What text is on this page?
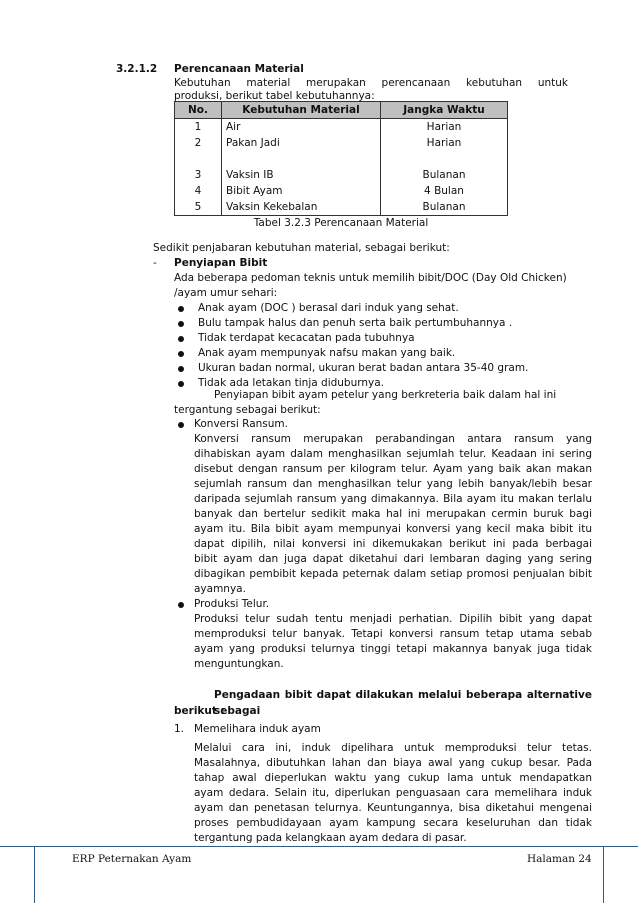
3.2.1.2 Perencanaan Material
Kebutuhan material merupakan perencanaan kebutuhan untuk
produksi, berikut tabel kebutuhannya:
No.	Kebutuhan Material	Jangka Waktu
1	Air	Harian
2	Pakan Jadi	Harian

3	Vaksin IB	Bulanan
4	Bibit Ayam	4 Bulan
5	Vaksin Kekebalan	Bulanan
Tabel 3.2.3 Perencanaan Material
Sedikit penjabaran kebutuhan material, sebagai berikut:
- Penyiapan Bibit
Ada beberapa pedoman teknis untuk memilih bibit/DOC (Day Old Chicken)
/ayam umur sehari:
Anak ayam (DOC ) berasal dari induk yang sehat.
Bulu tampak halus dan penuh serta baik pertumbuhannya .
Tidak terdapat kecacatan pada tubuhnya
Anak ayam mempunyak nafsu makan yang baik.
Ukuran badan normal, ukuran berat badan antara 35-40 gram.
Tidak ada letakan tinja diduburnya.
Penyiapan bibit ayam petelur yang berkreteria baik dalam hal ini
tergantung sebagai berikut:
Konversi Ransum.
Konversi ransum merupakan perabandingan antara ransum yang
dihabiskan ayam dalam menghasilkan sejumlah telur. Keadaan ini sering
disebut dengan ransum per kilogram telur. Ayam yang baik akan makan
sejumlah ransum dan menghasilkan telur yang lebih banyak/lebih besar
daripada sejumlah ransum yang dimakannya. Bila ayam itu makan terlalu
banyak dan bertelur sedikit maka hal ini merupakan cermin buruk bagi
ayam itu. Bila bibit ayam mempunyai konversi yang kecil maka bibit itu
dapat dipilih, nilai konversi ini dikemukakan berikut ini pada berbagai
bibit ayam dan juga dapat diketahui dari lembaran daging yang sering
dibagikan pembibit kepada peternak dalam setiap promosi penjualan bibit
ayamnya.
Produksi Telur.
Produksi telur sudah tentu menjadi perhatian. Dipilih bibit yang dapat
memproduksi telur banyak. Tetapi konversi ransum tetap utama sebab
ayam yang produksi telurnya tinggi tetapi makannya banyak juga tidak
menguntungkan.
Pengadaan bibit dapat dilakukan melalui beberapa alternative sebagai
berikut :
1. Memelihara induk ayam
Melalui cara ini, induk dipelihara untuk memproduksi telur tetas.
Masalahnya, dibutuhkan lahan dan biaya awal yang cukup besar. Pada
tahap awal dieperlukan waktu yang cukup lama untuk mendapatkan
ayam dedara. Selain itu, diperlukan penguasaan cara memelihara induk
ayam dan penetasan telurnya. Keuntungannya, bisa diketahui mengenai
proses pembudidayaan ayam kampung secara keseluruhan dan tidak
tergantung pada kelangkaan ayam dedara di pasar.
ERP Peternakan Ayam	Halaman 24
